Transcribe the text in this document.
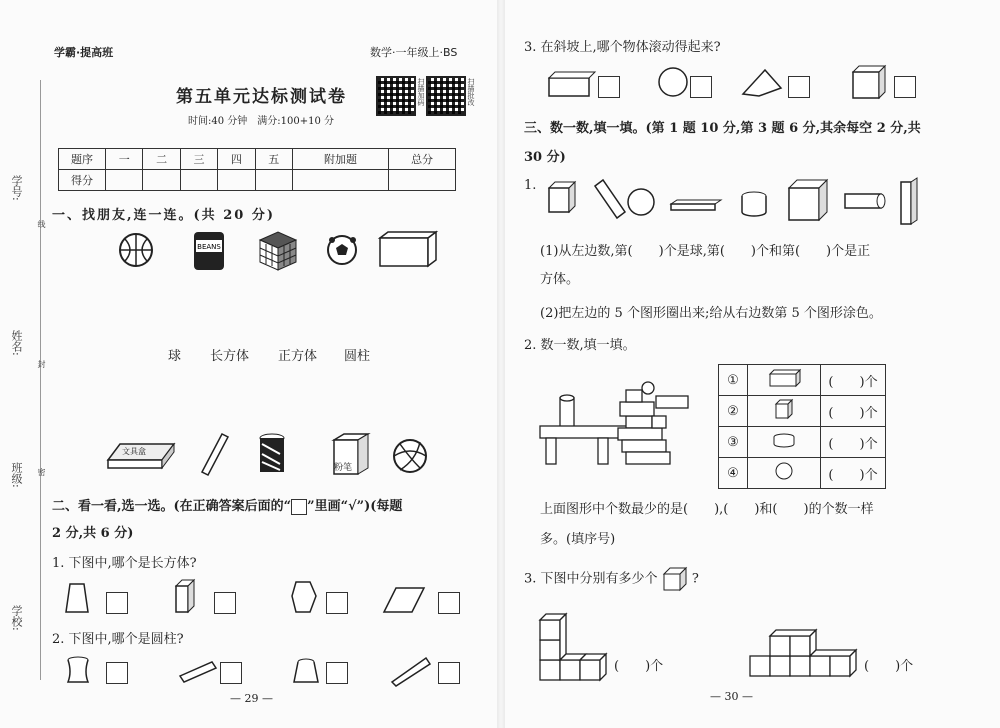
学号:
线
姓名:
封
班级: 密
学校:
学霸·提高班	数学·一年级上·BS
第五单元达标测试卷
时间:40 分钟　满分:100+10 分
扫描加码	扫描批改
题序	一	二	三	四	五	附加题	总分
得分							
一、找朋友,连一连。(共 20 分)
BEANS
球 长方体 正方体 圆柱
文具盒
粉笔
二、看一看,选一选。(在正确答案后面的“ ”里画“√”)(每题
2 分,共 6 分)
1. 下图中,哪个是长方体?
2. 下图中,哪个是圆柱?
— 29 —
3. 在斜坡上,哪个物体滚动得起来?
三、数一数,填一填。(第 1 题 10 分,第 3 题 6 分,其余每空 2 分,共
30 分)
1.
(1)从左边数,第(　　)个是球,第(　　)个和第(　　)个是正
方体。
(2)把左边的 5 个图形圈出来;给从右边数第 5 个图形涂色。
2. 数一数,填一填。
①		(　　)个
②		(　　)个
③		(　　)个
④		(　　)个
上面图形中个数最少的是(　　),(　　)和(　　)的个数一样
多。(填序号)
3. 下图中分别有多少个	?
(　　)个	(　　)个
— 30 —
